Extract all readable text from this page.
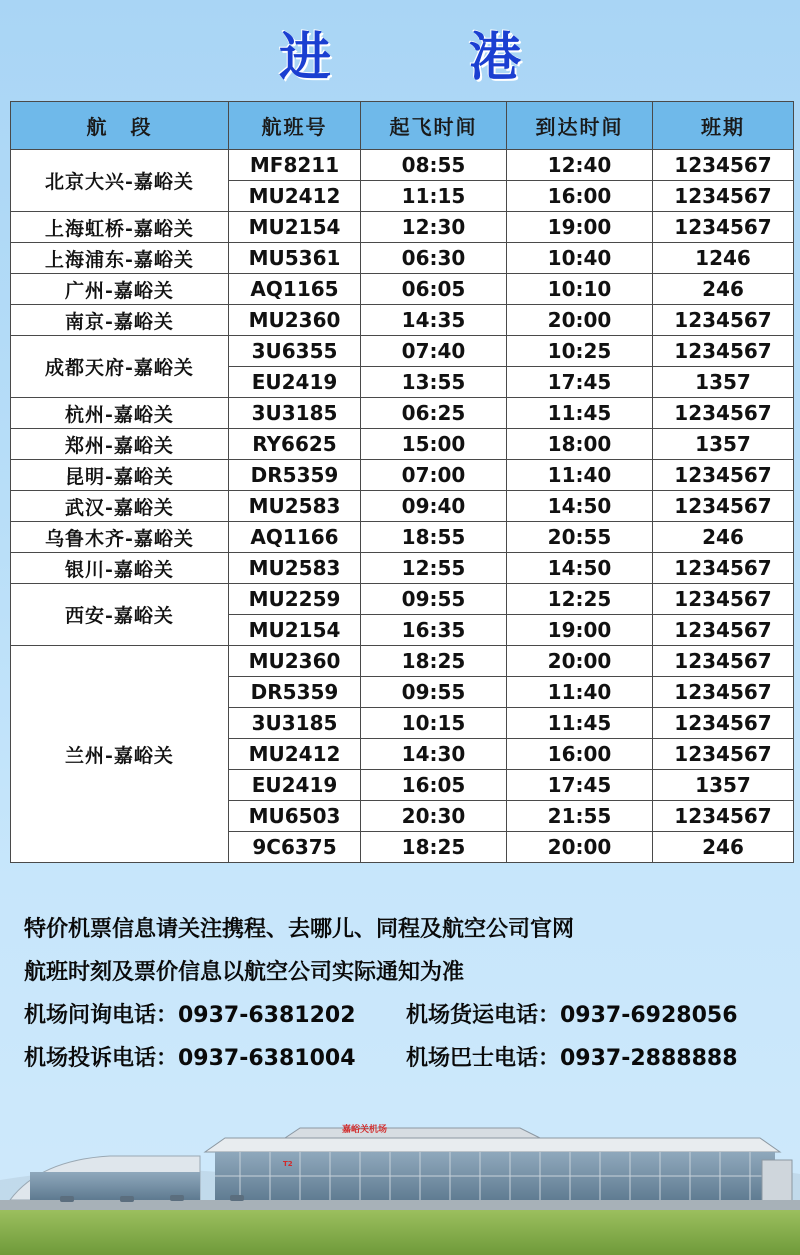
进 港
航　段	航班号	起飞时间	到达时间	班期
北京大兴-嘉峪关	MF8211	08:55	12:40	1234567
	MU2412	11:15	16:00	1234567
上海虹桥-嘉峪关	MU2154	12:30	19:00	1234567
上海浦东-嘉峪关	MU5361	06:30	10:40	1246
广州-嘉峪关	AQ1165	06:05	10:10	246
南京-嘉峪关	MU2360	14:35	20:00	1234567
成都天府-嘉峪关	3U6355	07:40	10:25	1234567
	EU2419	13:55	17:45	1357
杭州-嘉峪关	3U3185	06:25	11:45	1234567
郑州-嘉峪关	RY6625	15:00	18:00	1357
昆明-嘉峪关	DR5359	07:00	11:40	1234567
武汉-嘉峪关	MU2583	09:40	14:50	1234567
乌鲁木齐-嘉峪关	AQ1166	18:55	20:55	246
银川-嘉峪关	MU2583	12:55	14:50	1234567
西安-嘉峪关	MU2259	09:55	12:25	1234567
	MU2154	16:35	19:00	1234567
兰州-嘉峪关	MU2360	18:25	20:00	1234567
	DR5359	09:55	11:40	1234567
	3U3185	10:15	11:45	1234567
	MU2412	14:30	16:00	1234567
	EU2419	16:05	17:45	1357
	MU6503	20:30	21:55	1234567
	9C6375	18:25	20:00	246
特价机票信息请关注携程、去哪儿、同程及航空公司官网
航班时刻及票价信息以航空公司实际通知为准
机场问询电话：0937-6381202 机场货运电话：0937-6928056
机场投诉电话：0937-6381004 机场巴士电话：0937-2888888
嘉峪关机场
T2
